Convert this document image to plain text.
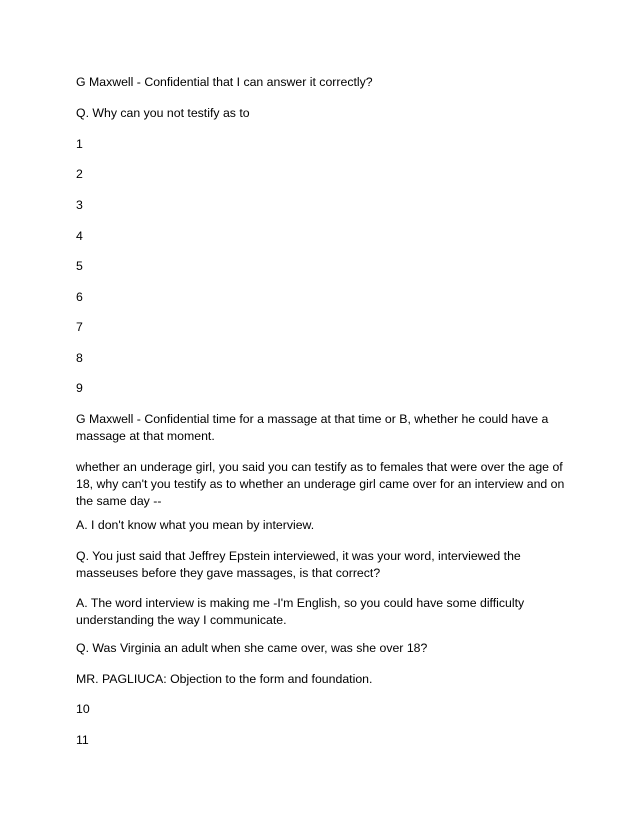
G Maxwell - Confidential that I can answer it correctly?

Q. Why can you not testify as to

1

2

3

4

5

6

7

8

9

G Maxwell - Confidential time for a massage at that time or B, whether he could have a massage at that moment.

whether an underage girl, you said you can testify as to females that were over the age of 18, why can't you testify as to whether an underage girl came over for an interview and on the same day --

A. I don't know what you mean by interview.

Q. You just said that Jeffrey Epstein interviewed, it was your word, interviewed the masseuses before they gave massages, is that correct?

A. The word interview is making me -I'm English, so you could have some difficulty understanding the way I communicate.

Q. Was Virginia an adult when she came over, was she over 18?

MR. PAGLIUCA: Objection to the form and foundation.

10

11
